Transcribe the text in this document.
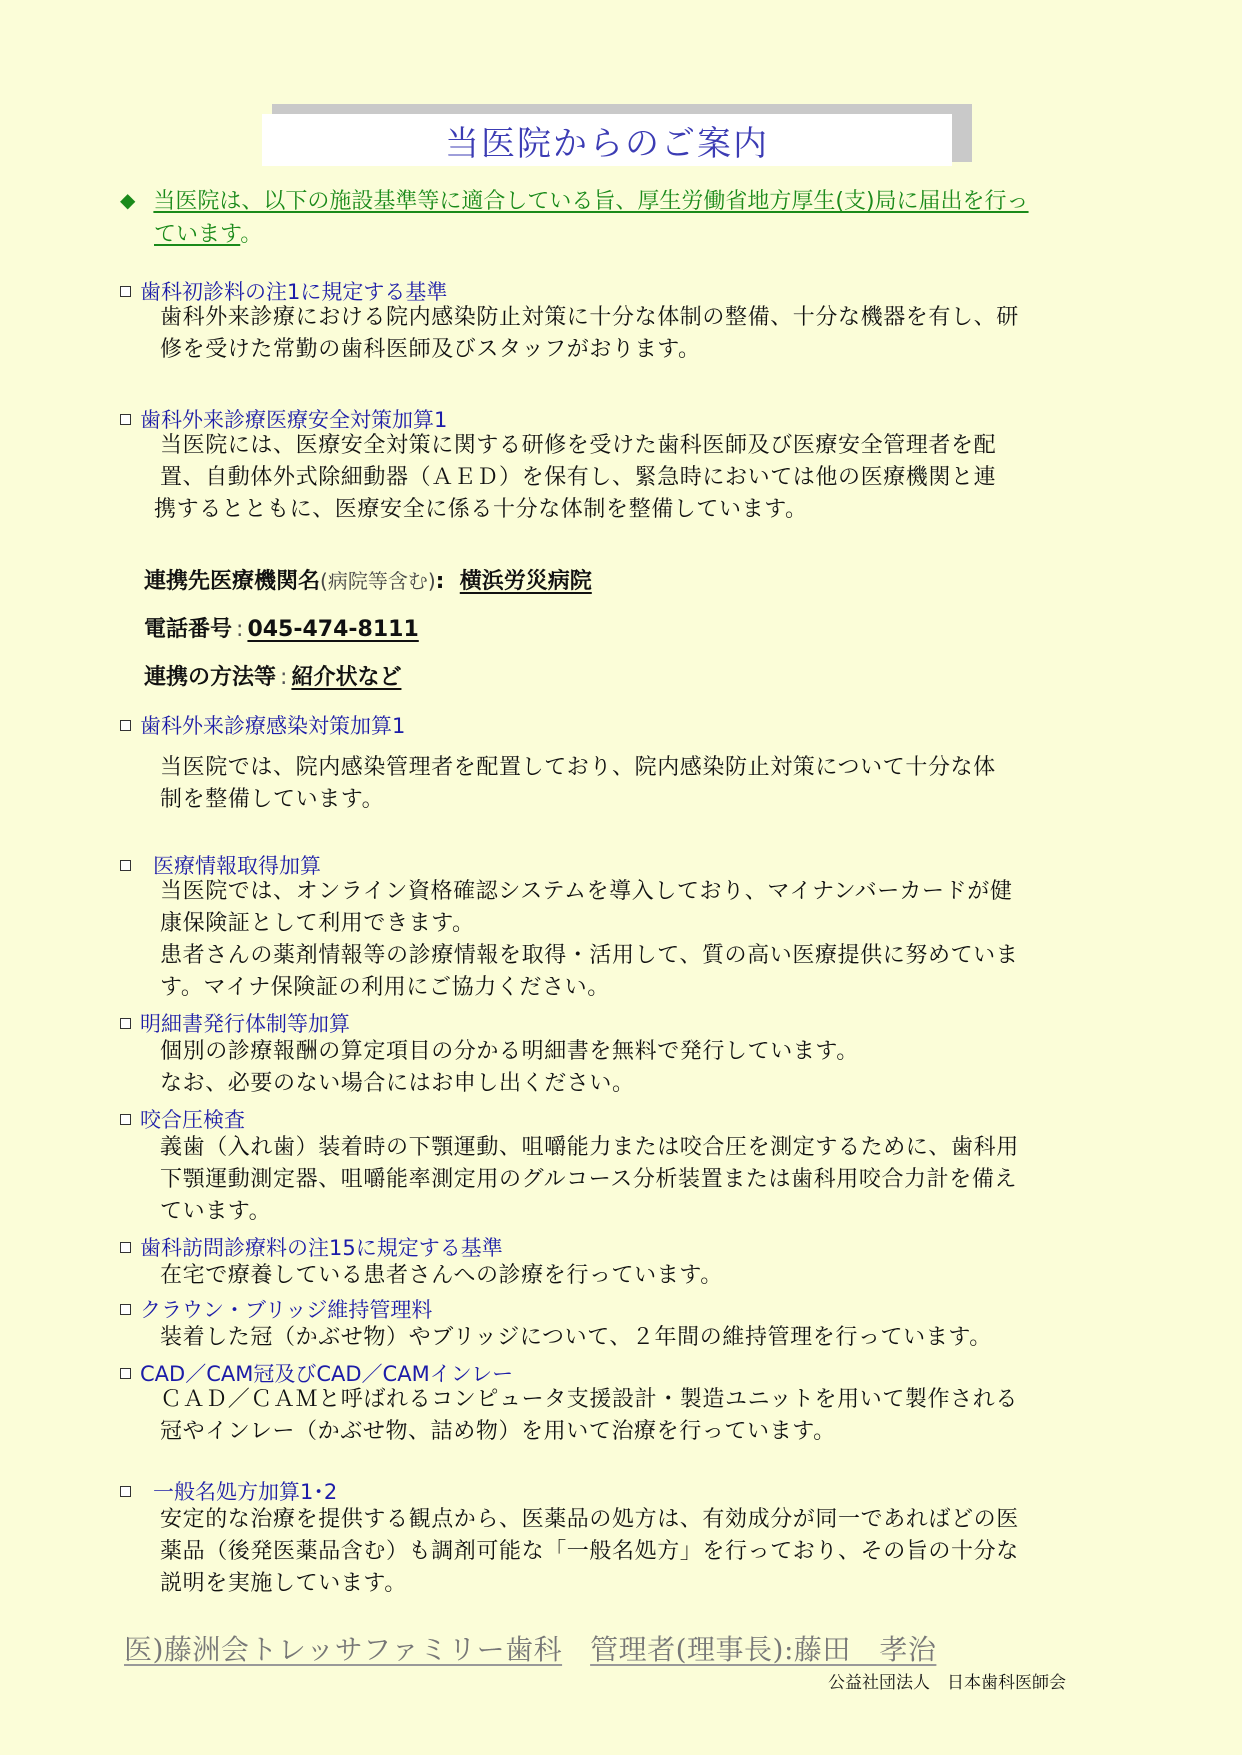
当医院からのご案内
◆ 当医院は、以下の施設基準等に適合している旨、厚生労働省地方厚生(支)局に届出を行っ
ています。
歯科初診料の注1に規定する基準

歯科外来診療における院内感染防止対策に十分な体制の整備、十分な機器を有し、研

修を受けた常勤の歯科医師及びスタッフがおります。

歯科外来診療医療安全対策加算1

当医院には、医療安全対策に関する研修を受けた歯科医師及び医療安全管理者を配

置、自動体外式除細動器（ＡＥＤ）を保有し、緊急時においては他の医療機関と連

携するとともに、医療安全に係る十分な体制を整備しています。

連携先医療機関名(病院等含む): 横浜労災病院
電話番号 : 045-474-8111
連携の方法等 : 紹介状など
歯科外来診療感染対策加算1

当医院では、院内感染管理者を配置しており、院内感染防止対策について十分な体

制を整備しています。

医療情報取得加算

当医院では、オンライン資格確認システムを導入しており、マイナンバーカードが健

康保険証として利用できます。

患者さんの薬剤情報等の診療情報を取得・活用して、質の高い医療提供に努めていま

す。マイナ保険証の利用にご協力ください。

明細書発行体制等加算

個別の診療報酬の算定項目の分かる明細書を無料で発行しています。

なお、必要のない場合にはお申し出ください。

咬合圧検査

義歯（入れ歯）装着時の下顎運動、咀嚼能力または咬合圧を測定するために、歯科用

下顎運動測定器、咀嚼能率測定用のグルコース分析装置または歯科用咬合力計を備え

ています。

歯科訪問診療料の注15に規定する基準

在宅で療養している患者さんへの診療を行っています。

クラウン・ブリッジ維持管理料

装着した冠（かぶせ物）やブリッジについて、２年間の維持管理を行っています。

CAD／CAM冠及びCAD／CAMインレー

ＣＡＤ／ＣＡＭと呼ばれるコンピュータ支援設計・製造ユニットを用いて製作される

冠やインレー（かぶせ物、詰め物）を用いて治療を行っています。

一般名処方加算1･2

安定的な治療を提供する観点から、医薬品の処方は、有効成分が同一であればどの医

薬品（後発医薬品含む）も調剤可能な「一般名処方」を行っており、その旨の十分な

説明を実施しています。

医)藤洲会トレッサファミリー歯科 管理者(理事長):藤田　孝治
公益社団法人　日本歯科医師会
